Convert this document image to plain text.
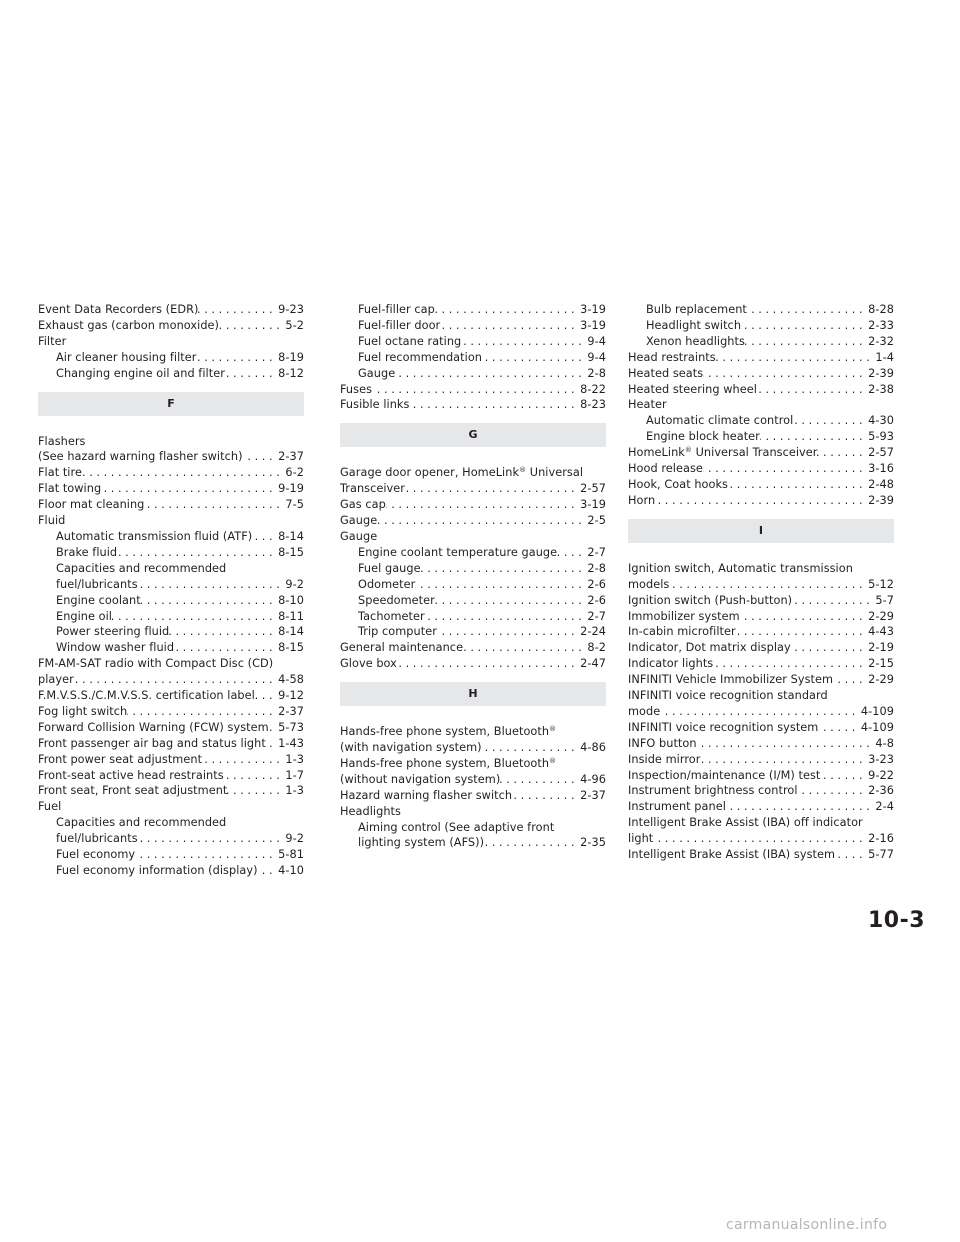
Event Data Recorders (EDR) .....	9-23
Exhaust gas (carbon monoxide) .....	5-2
Filter
Air cleaner housing filter .....	8-19
Changing engine oil and filter .....	8-12
F
Flashers
(See hazard warning flasher switch) .....	2-37
Flat tire .....	6-2
Flat towing .....	9-19
Floor mat cleaning .....	7-5
Fluid
Automatic transmission fluid (ATF) ..... 8-14
Brake fluid .....	8-15
Capacities and recommended
fuel/lubricants .....	9-2
Engine coolant .....	8-10
Engine oil .....	8-11
Power steering fluid .....	8-14
Window washer fluid .....	8-15
FM-AM-SAT radio with Compact Disc (CD)
player .....	4-58
F.M.V.S.S./C.M.V.S.S. certification label ..... 9-12
Fog light switch .....	2-37
Forward Collision Warning (FCW) system ..... 5-73
Front passenger air bag and status light ..... 1-43
Front power seat adjustment .....	1-3
Front-seat active head restraints .....	1-7
Front seat, Front seat adjustment .....	1-3
Fuel
Capacities and recommended
fuel/lubricants .....	9-2
Fuel economy .....	5-81
Fuel economy information (display) ..... 4-10
Fuel-filler cap .....	3-19
Fuel-filler door .....	3-19
Fuel octane rating .....	9-4
Fuel recommendation .....	9-4
Gauge .....	2-8
Fuses .....	8-22
Fusible links .....	8-23
G
Garage door opener, HomeLink® Universal
Transceiver .....	2-57
Gas cap .....	3-19
Gauge .....	2-5
Gauge
Engine coolant temperature gauge .....	2-7
Fuel gauge .....	2-8
Odometer .....	2-6
Speedometer .....	2-6
Tachometer .....	2-7
Trip computer .....	2-24
General maintenance .....	8-2
Glove box .....	2-47
H
Hands-free phone system, Bluetooth®
(with navigation system) .....	4-86
Hands-free phone system, Bluetooth®
(without navigation system) .....	4-96
Hazard warning flasher switch .....	2-37
Headlights
Aiming control (See adaptive front
lighting system (AFS)) .....	2-35
Bulb replacement .....	8-28
Headlight switch .....	2-33
Xenon headlights .....	2-32
Head restraints .....	1-4
Heated seats .....	2-39
Heated steering wheel .....	2-38
Heater
Automatic climate control .....	4-30
Engine block heater .....	5-93
HomeLink® Universal Transceiver .....	2-57
Hood release .....	3-16
Hook, Coat hooks .....	2-48
Horn .....	2-39
I
Ignition switch, Automatic transmission
models .....	5-12
Ignition switch (Push-button) .....	5-7
Immobilizer system .....	2-29
In-cabin microfilter .....	4-43
Indicator, Dot matrix display .....	2-19
Indicator lights .....	2-15
INFINITI Vehicle Immobilizer System .....	2-29
INFINITI voice recognition standard
mode .....	4-109
INFINITI voice recognition system .....	4-109
INFO button .....	4-8
Inside mirror .....	3-23
Inspection/maintenance (I/M) test .....	9-22
Instrument brightness control .....	2-36
Instrument panel .....	2-4
Intelligent Brake Assist (IBA) off indicator
light .....	2-16
Intelligent Brake Assist (IBA) system .....	5-77
10-3
carmanualsonline.info
